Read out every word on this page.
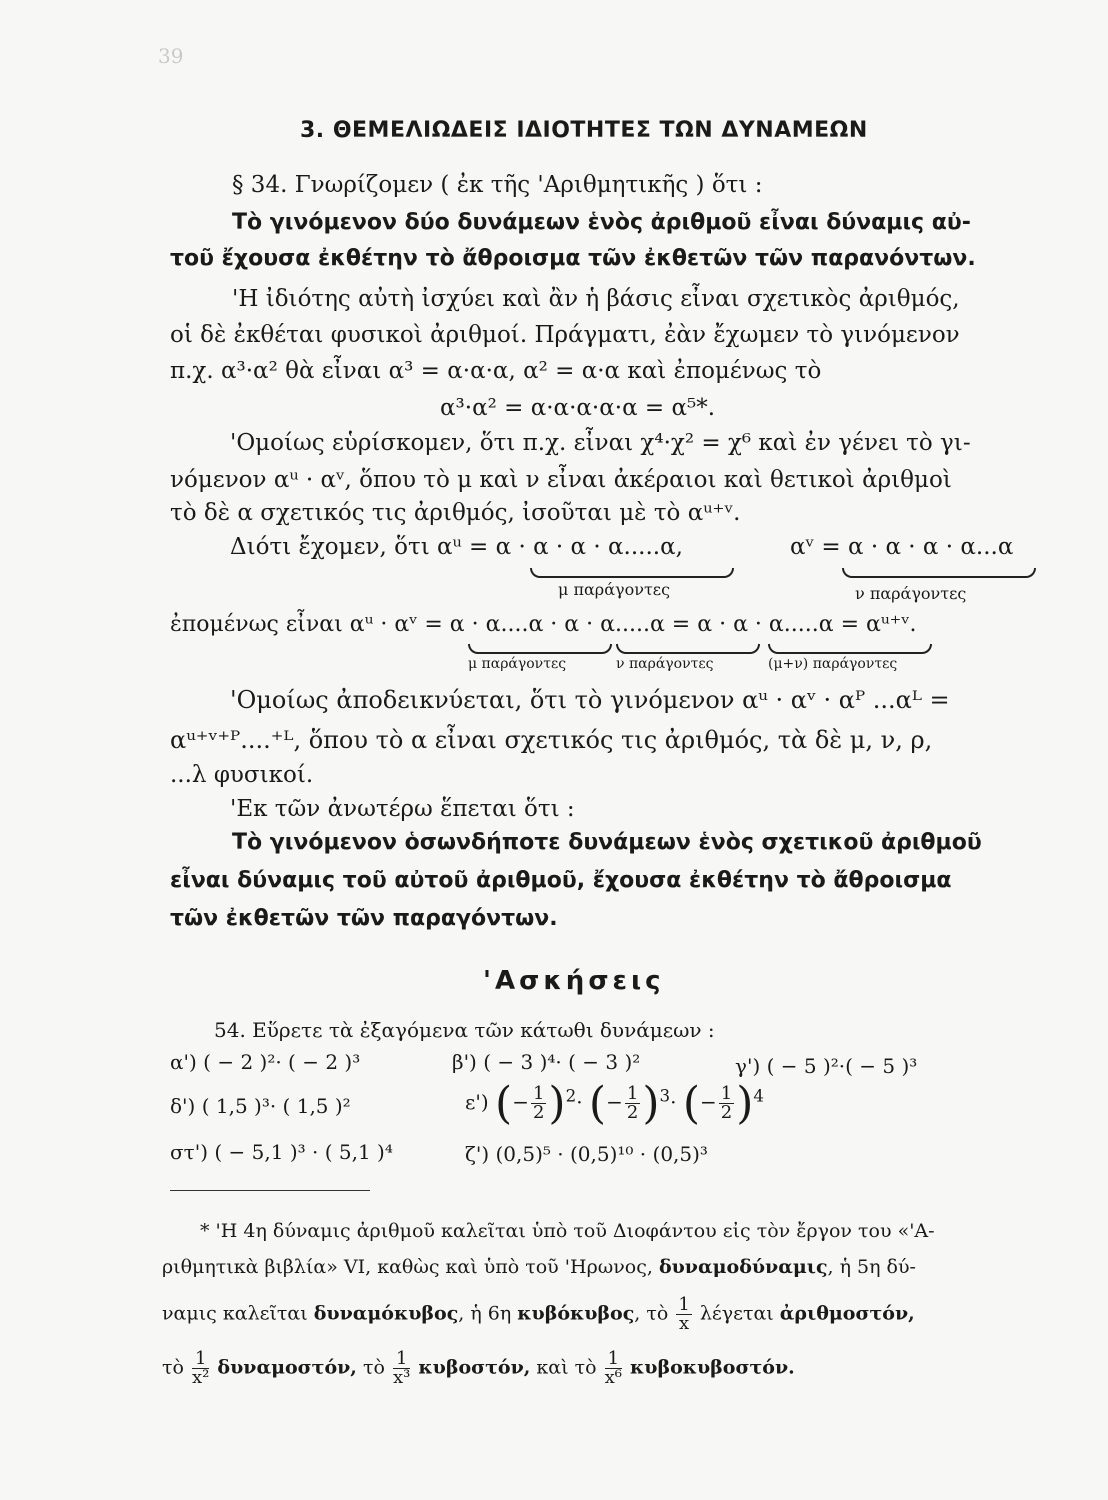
39
3. ΘΕΜΕΛΙΩΔΕΙΣ ΙΔΙΟΤΗΤΕΣ ΤΩΝ ΔΥΝΑΜΕΩΝ
§ 34. Γνωρίζομεν ( ἐκ τῆς 'Αριθμητικῆς ) ὅτι :
Τὸ γινόμενον δύο δυνάμεων ἑνὸς ἀριθμοῦ εἶναι δύναμις αὐ-
τοῦ ἔχουσα ἐκθέτην τὸ ἄθροισμα τῶν ἐκθετῶν τῶν παρανόντων.
'Η ἰδιότης αὐτὴ ἰσχύει καὶ ἂν ἡ βάσις εἶναι σχετικὸς ἀριθμός,
οἱ δὲ ἐκθέται φυσικοὶ ἀριθμοί. Πράγματι, ἐὰν ἔχωμεν τὸ γινόμενον
π.χ. α³·α² θὰ εἶναι α³ = α·α·α, α² = α·α καὶ ἐπομένως τὸ
α³·α² = α·α·α·α·α = α⁵*.
'Ομοίως εὑρίσκομεν, ὅτι π.χ. εἶναι χ⁴·χ² = χ⁶ καὶ ἐν γένει τὸ γι-
νόμενον αᵘ · αᵛ, ὅπου τὸ μ καὶ ν εἶναι ἀκέραιοι καὶ θετικοὶ ἀριθμοὶ
τὸ δὲ α σχετικός τις ἀριθμός, ἰσοῦται μὲ τὸ αᵘ⁺ᵛ.
Διότι ἔχομεν, ὅτι αᵘ = α · α · α · α.....α,	αᵛ = α · α · α · α...α
μ παράγοντες	ν παράγοντες
ἐπομένως εἶναι αᵘ · αᵛ = α · α....α · α · α.....α = α · α · α.....α = αᵘ⁺ᵛ.
μ παράγοντες	ν παράγοντες	(μ+ν) παράγοντες
'Ομοίως ἀποδεικνύεται, ὅτι τὸ γινόμενον αᵘ · αᵛ · αᴾ ...αᴸ =
αᵘ⁺ᵛ⁺ᴾ....⁺ᴸ, ὅπου τὸ α εἶναι σχετικός τις ἀριθμός, τὰ δὲ μ, ν, ρ,
...λ φυσικοί.
'Εκ τῶν ἀνωτέρω ἕπεται ὅτι :
Τὸ γινόμενον ὁσωνδήποτε δυνάμεων ἑνὸς σχετικοῦ ἀριθμοῦ
εἶναι δύναμις τοῦ αὐτοῦ ἀριθμοῦ, ἔχουσα ἐκθέτην τὸ ἄθροισμα
τῶν ἐκθετῶν τῶν παραγόντων.
'Ασκήσεις
54. Εὕρετε τὰ ἐξαγόμενα τῶν κάτωθι δυνάμεων :
α') ( − 2 )²· ( − 2 )³	β') ( − 3 )⁴· ( − 3 )²	γ') ( − 5 )²·( − 5 )³
δ') ( 1,5 )³· ( 1,5 )²	ε') (− $\frac{1}{2} )^2\cdot$ (− $\frac{1}{2} )^3\cdot$ (− $\frac{1}{2} )^4$
στ') ( − 5,1 )³ · ( 5,1 )⁴	ζ') (0,5)⁵ · (0,5)¹⁰ · (0,5)³
* 'Η 4η δύναμις ἀριθμοῦ καλεῖται ὑπὸ τοῦ Διοφάντου εἰς τὸν ἔργον του «'Α-
ριθμητικὰ βιβλία» VI, καθὼς καὶ ὑπὸ τοῦ 'Ηρωνος, δυναμοδύναμις, ἡ 5η δύ-
ναμις καλεῖται δυναμόκυβος, ἡ 6η κυβόκυβος, τὸ $\frac{1}{x}$ λέγεται ἀριθμοστόν,
τὸ $\frac{1}{\text{x²}} \delta\upsilon\nu\alpha\mu o\sigma\tau ό\nu$, τὸ $\frac{1}{\text{x³}} \kappa\upsilon\beta o\sigma\tau ό\nu$, καὶ τὸ $\frac{1}{\text{x⁶}} \kappa\upsilon\beta o\kappa\upsilon\beta o\sigma\tau ό\nu$.
